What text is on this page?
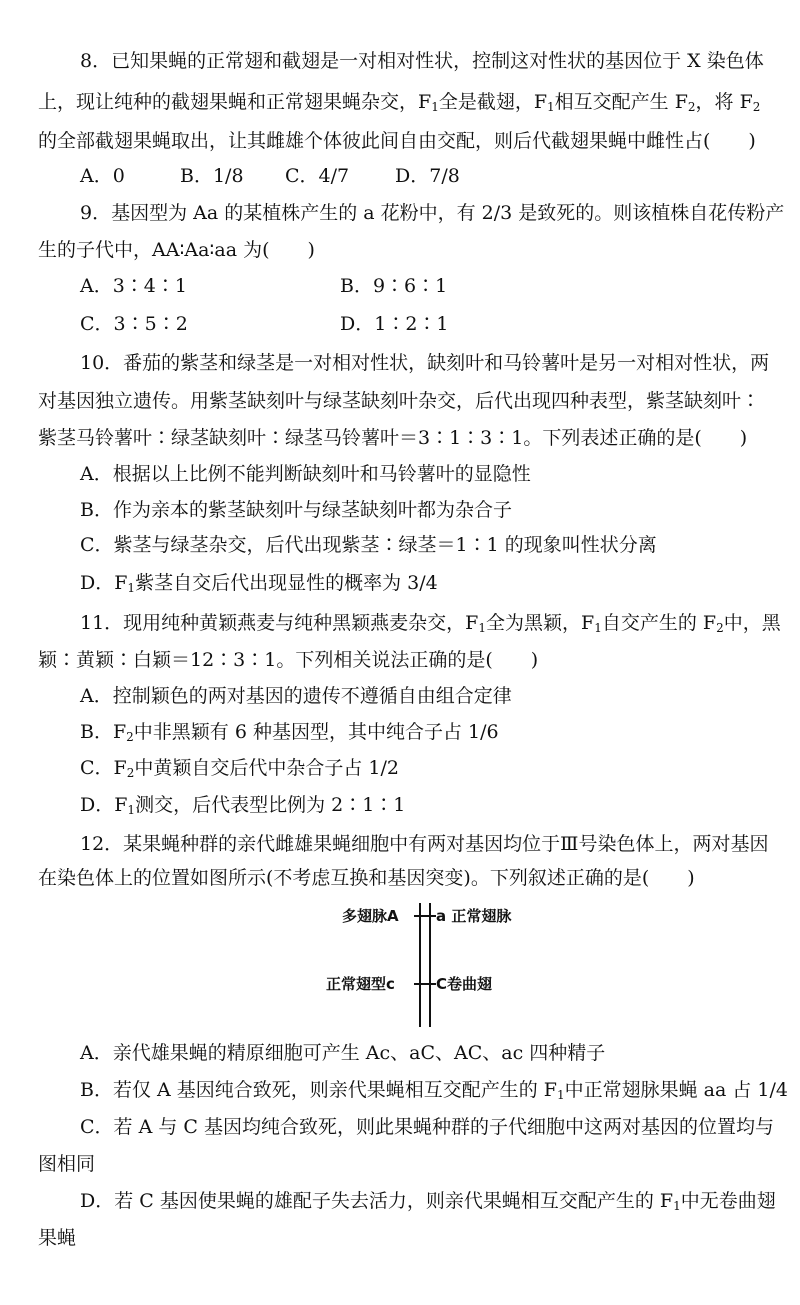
8．已知果蝇的正常翅和截翅是一对相对性状，控制这对性状的基因位于 X 染色体
上，现让纯种的截翅果蝇和正常翅果蝇杂交，$F_1$全是截翅，$F_1$相互交配产生 $F_2$，将 $F_2$
的全部截翅果蝇取出，让其雌雄个体彼此间自由交配，则后代截翅果蝇中雌性占(　　)
A．0	B．1/8 C．4/7 D．7/8
9．基因型为 Aa 的某植株产生的 a 花粉中，有 2/3 是致死的。则该植株自花传粉产
生的子代中，AA∶Aa∶aa 为(　　)
A．3∶4∶1	B．9∶6∶1
C．3∶5∶2	D．1∶2∶1
10．番茄的紫茎和绿茎是一对相对性状，缺刻叶和马铃薯叶是另一对相对性状，两
对基因独立遗传。用紫茎缺刻叶与绿茎缺刻叶杂交，后代出现四种表型，紫茎缺刻叶∶
紫茎马铃薯叶∶绿茎缺刻叶∶绿茎马铃薯叶＝3∶1∶3∶1。下列表述正确的是(　　)
A．根据以上比例不能判断缺刻叶和马铃薯叶的显隐性
B．作为亲本的紫茎缺刻叶与绿茎缺刻叶都为杂合子
C．紫茎与绿茎杂交，后代出现紫茎∶绿茎＝1∶1 的现象叫性状分离
D．$F_1$紫茎自交后代出现显性的概率为 3/4
11．现用纯种黄颖燕麦与纯种黑颖燕麦杂交，$F_1$全为黑颖，$F_1$自交产生的 $F_2$中，黑
颖∶黄颖∶白颖＝12∶3∶1。下列相关说法正确的是(　　)
A．控制颖色的两对基因的遗传不遵循自由组合定律
B．$F_2$中非黑颖有 6 种基因型，其中纯合子占 1/6
C．$F_2$中黄颖自交后代中杂合子占 1/2
D．$F_1$测交，后代表型比例为 2∶1∶1
12．某果蝇种群的亲代雌雄果蝇细胞中有两对基因均位于Ⅲ号染色体上，两对基因
在染色体上的位置如图所示(不考虑互换和基因突变)。下列叙述正确的是(　　)
多翅脉A a 正常翅脉
正常翅型c	C卷曲翅
A．亲代雄果蝇的精原细胞可产生 Ac、aC、AC、ac 四种精子
B．若仅 A 基因纯合致死，则亲代果蝇相互交配产生的 $F_1$中正常翅脉果蝇 aa 占 1/4
C．若 A 与 C 基因均纯合致死，则此果蝇种群的子代细胞中这两对基因的位置均与
图相同
D．若 C 基因使果蝇的雄配子失去活力，则亲代果蝇相互交配产生的 $F_1$中无卷曲翅
果蝇
